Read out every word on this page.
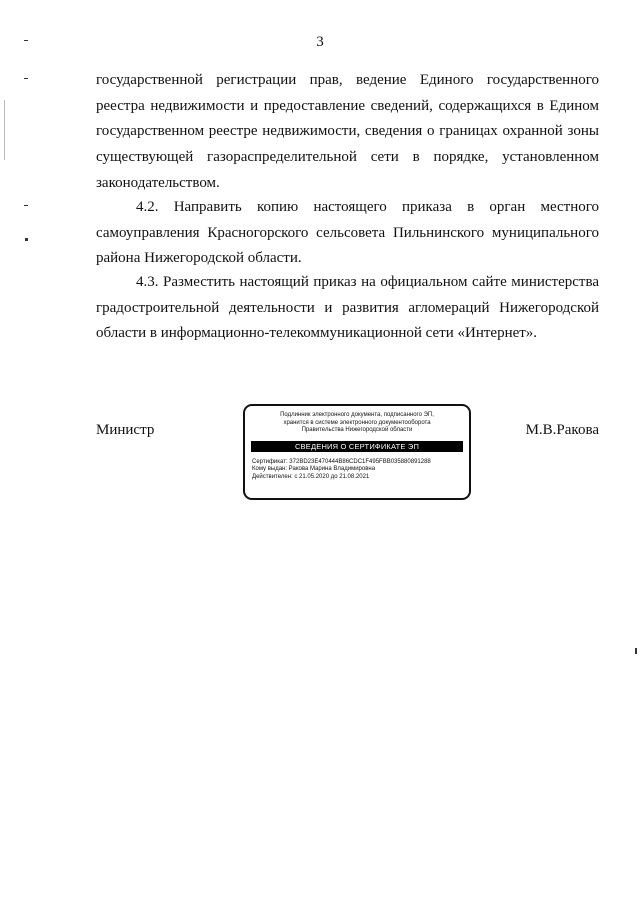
3
государственной регистрации прав, ведение Единого государственного реестра недвижимости и предоставление сведений, содержащихся в Едином государственном реестре недвижимости, сведения о границах охранной зоны существующей газораспределительной сети в порядке, установленном законодательством.
4.2. Направить копию настоящего приказа в орган местного самоуправления Красногорского сельсовета Пильнинского муниципального района Нижегородской области.
4.3. Разместить настоящий приказ на официальном сайте министерства градостроительной деятельности и развития агломераций Нижегородской области в информационно-телекоммуникационной сети «Интернет».
Министр
Подлинник электронного документа, подписанного ЭП,
хранится в системе электронного документооборота
Правительства Нижегородской области
СВЕДЕНИЯ О СЕРТИФИКАТЕ ЭП
Сертификат: 372BD23E470444B86CDC1F495FBB035880891288
Кому выдан: Ракова Марина Владимировна
Действителен: с 21.05.2020 до 21.08.2021
М.В.Ракова
